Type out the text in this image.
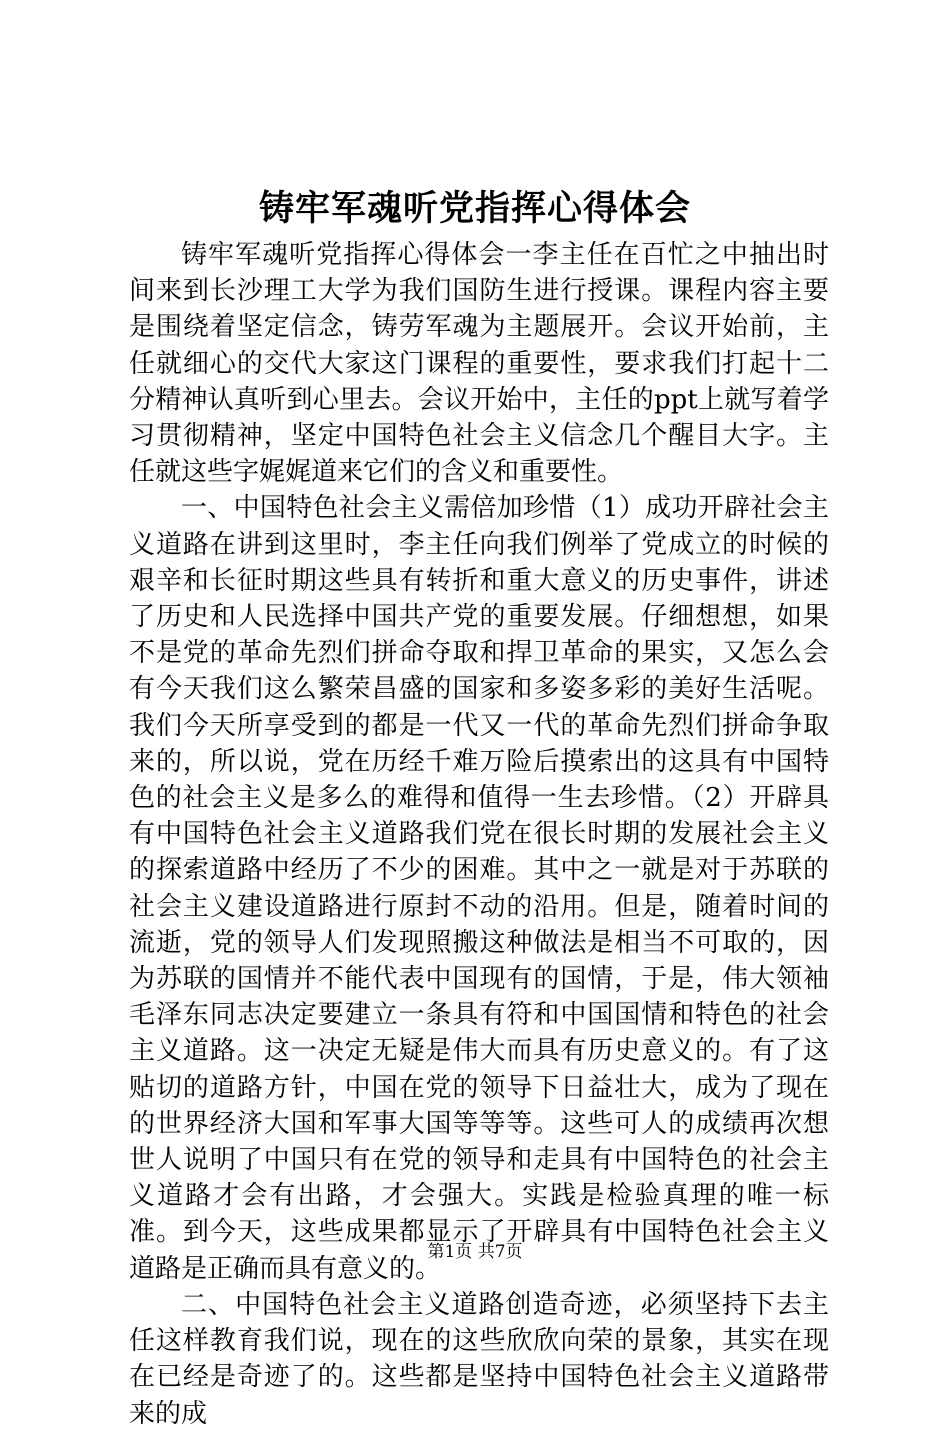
铸牢军魂听党指挥心得体会

铸牢军魂听党指挥心得体会一李主任在百忙之中抽出时间来到长沙理工大学为我们国防生进行授课。课程内容主要是围绕着坚定信念，铸劳军魂为主题展开。会议开始前，主任就细心的交代大家这门课程的重要性，要求我们打起十二分精神认真听到心里去。会议开始中，主任的ppt上就写着学习贯彻精神，坚定中国特色社会主义信念几个醒目大字。主任就这些字娓娓道来它们的含义和重要性。

一、中国特色社会主义需倍加珍惜（1）成功开辟社会主义道路在讲到这里时，李主任向我们例举了党成立的时候的艰辛和长征时期这些具有转折和重大意义的历史事件，讲述了历史和人民选择中国共产党的重要发展。仔细想想，如果不是党的革命先烈们拼命夺取和捍卫革命的果实，又怎么会有今天我们这么繁荣昌盛的国家和多姿多彩的美好生活呢。我们今天所享受到的都是一代又一代的革命先烈们拼命争取来的，所以说，党在历经千难万险后摸索出的这具有中国特色的社会主义是多么的难得和值得一生去珍惜。（2）开辟具有中国特色社会主义道路我们党在很长时期的发展社会主义的探索道路中经历了不少的困难。其中之一就是对于苏联的社会主义建设道路进行原封不动的沿用。但是，随着时间的流逝，党的领导人们发现照搬这种做法是相当不可取的，因为苏联的国情并不能代表中国现有的国情，于是，伟大领袖毛泽东同志决定要建立一条具有符和中国国情和特色的社会主义道路。这一决定无疑是伟大而具有历史意义的。有了这贴切的道路方针，中国在党的领导下日益壮大，成为了现在的世界经济大国和军事大国等等等。这些可人的成绩再次想世人说明了中国只有在党的领导和走具有中国特色的社会主义道路才会有出路，才会强大。实践是检验真理的唯一标准。到今天，这些成果都显示了开辟具有中国特色社会主义道路是正确而具有意义的。

二、中国特色社会主义道路创造奇迹，必须坚持下去主任这样教育我们说，现在的这些欣欣向荣的景象，其实在现在已经是奇迹了的。这些都是坚持中国特色社会主义道路带来的成

第1页 共7页
